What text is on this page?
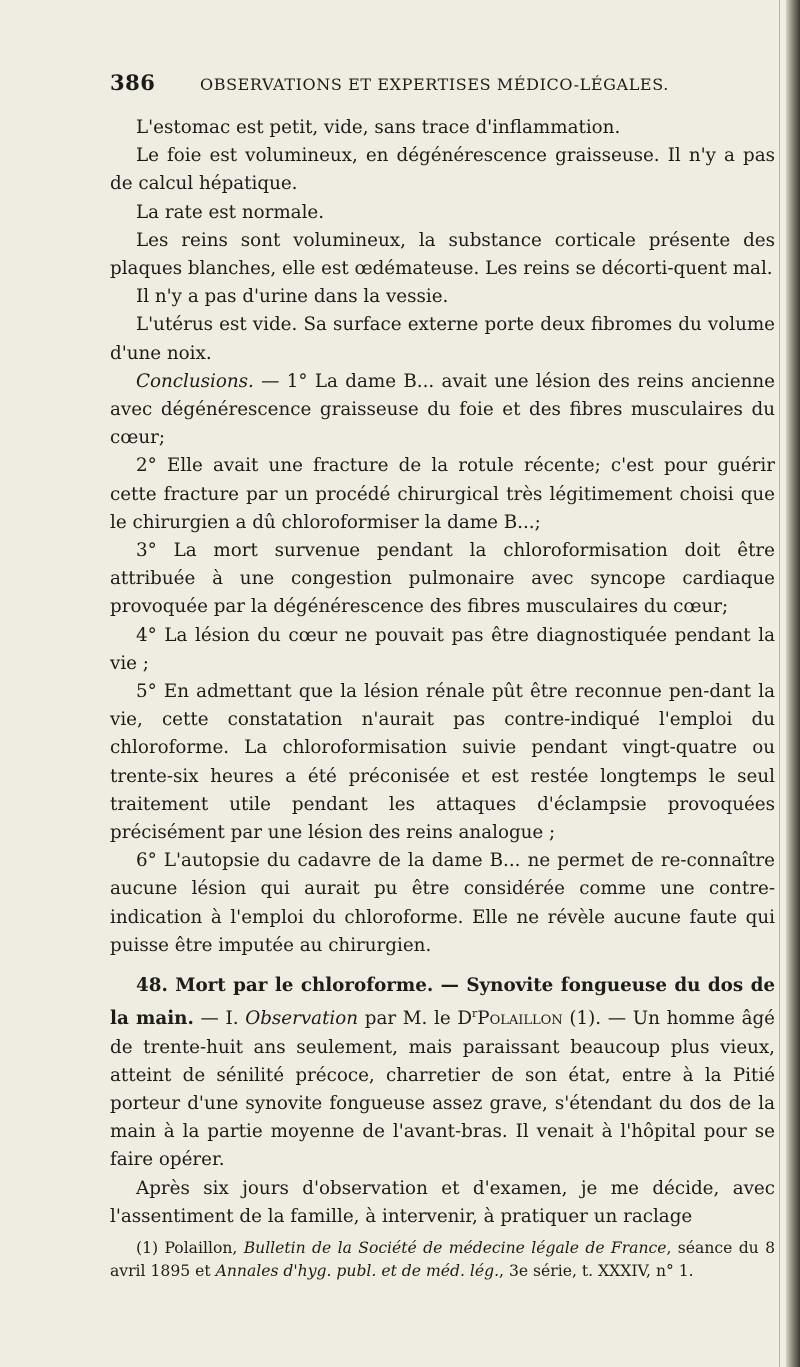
386	OBSERVATIONS ET EXPERTISES MÉDICO-LÉGALES.

L'estomac est petit, vide, sans trace d'inflammation.

Le foie est volumineux, en dégénérescence graisseuse. Il n'y a pas de calcul hépatique.

La rate est normale.

Les reins sont volumineux, la substance corticale présente des plaques blanches, elle est œdémateuse. Les reins se décorti-quent mal.

Il n'y a pas d'urine dans la vessie.

L'utérus est vide. Sa surface externe porte deux fibromes du volume d'une noix.

Conclusions. — 1° La dame B... avait une lésion des reins ancienne avec dégénérescence graisseuse du foie et des fibres musculaires du cœur;

2° Elle avait une fracture de la rotule récente; c'est pour guérir cette fracture par un procédé chirurgical très légitimement choisi que le chirurgien a dû chloroformiser la dame B...;

3° La mort survenue pendant la chloroformisation doit être attribuée à une congestion pulmonaire avec syncope cardiaque provoquée par la dégénérescence des fibres musculaires du cœur;

4° La lésion du cœur ne pouvait pas être diagnostiquée pendant la vie ;

5° En admettant que la lésion rénale pût être reconnue pen-dant la vie, cette constatation n'aurait pas contre-indiqué l'emploi du chloroforme. La chloroformisation suivie pendant vingt-quatre ou trente-six heures a été préconisée et est restée longtemps le seul traitement utile pendant les attaques d'éclampsie provoquées précisément par une lésion des reins analogue ;

6° L'autopsie du cadavre de la dame B... ne permet de re-connaître aucune lésion qui aurait pu être considérée comme une contre-indication à l'emploi du chloroforme. Elle ne révèle aucune faute qui puisse être imputée au chirurgien.

48. Mort par le chloroforme. — Synovite fongueuse du dos de la main. — I. Observation par M. le $D^rPolaillon$ (1). — Un homme âgé de trente-huit ans seulement, mais paraissant beaucoup plus vieux, atteint de sénilité précoce, charretier de son état, entre à la Pitié porteur d'une synovite fongueuse assez grave, s'étendant du dos de la main à la partie moyenne de l'avant-bras. Il venait à l'hôpital pour se faire opérer.

Après six jours d'observation et d'examen, je me décide, avec l'assentiment de la famille, à intervenir, à pratiquer un raclage

(1) Polaillon, Bulletin de la Société de médecine légale de France, séance du 8 avril 1895 et Annales d'hyg. publ. et de méd. lég., 3e série, t. XXXIV, n° 1.
